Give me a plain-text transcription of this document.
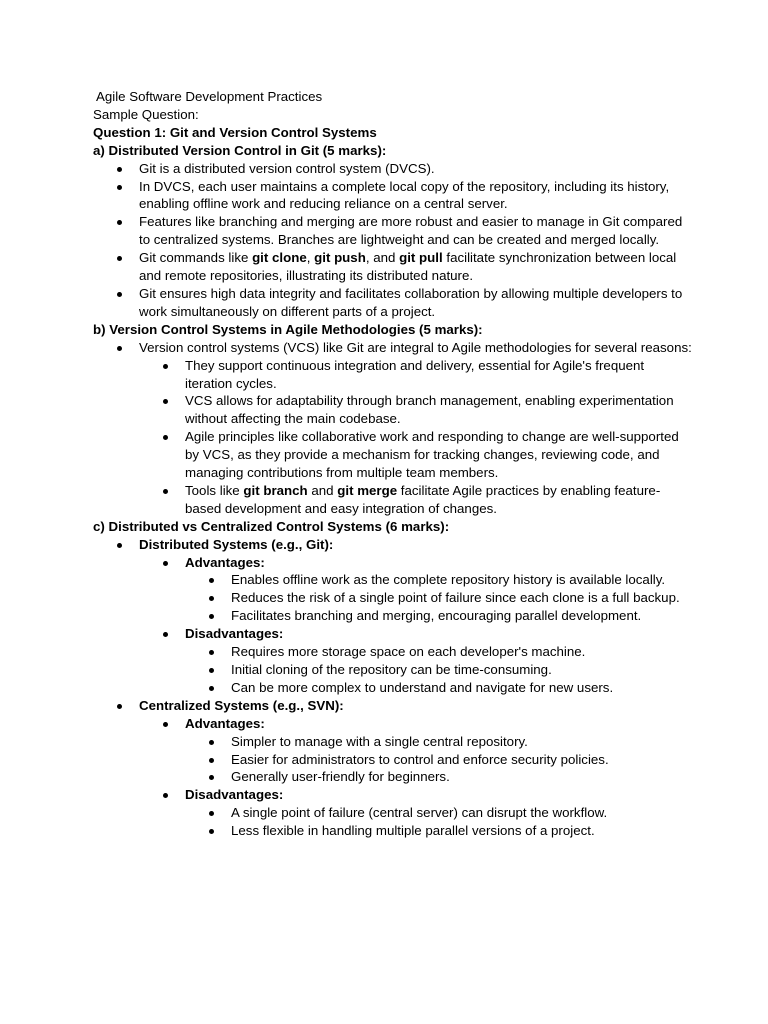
Agile Software Development Practices
Sample Question:
Question 1: Git and Version Control Systems
a) Distributed Version Control in Git (5 marks):
Git is a distributed version control system (DVCS).
In DVCS, each user maintains a complete local copy of the repository, including its history, enabling offline work and reducing reliance on a central server.
Features like branching and merging are more robust and easier to manage in Git compared to centralized systems. Branches are lightweight and can be created and merged locally.
Git commands like git clone, git push, and git pull facilitate synchronization between local and remote repositories, illustrating its distributed nature.
Git ensures high data integrity and facilitates collaboration by allowing multiple developers to work simultaneously on different parts of a project.
b) Version Control Systems in Agile Methodologies (5 marks):
Version control systems (VCS) like Git are integral to Agile methodologies for several reasons:
They support continuous integration and delivery, essential for Agile's frequent iteration cycles.
VCS allows for adaptability through branch management, enabling experimentation without affecting the main codebase.
Agile principles like collaborative work and responding to change are well-supported by VCS, as they provide a mechanism for tracking changes, reviewing code, and managing contributions from multiple team members.
Tools like git branch and git merge facilitate Agile practices by enabling feature-based development and easy integration of changes.
c) Distributed vs Centralized Control Systems (6 marks):
Distributed Systems (e.g., Git):
Advantages:
Enables offline work as the complete repository history is available locally.
Reduces the risk of a single point of failure since each clone is a full backup.
Facilitates branching and merging, encouraging parallel development.
Disadvantages:
Requires more storage space on each developer's machine.
Initial cloning of the repository can be time-consuming.
Can be more complex to understand and navigate for new users.
Centralized Systems (e.g., SVN):
Advantages:
Simpler to manage with a single central repository.
Easier for administrators to control and enforce security policies.
Generally user-friendly for beginners.
Disadvantages:
A single point of failure (central server) can disrupt the workflow.
Less flexible in handling multiple parallel versions of a project.
